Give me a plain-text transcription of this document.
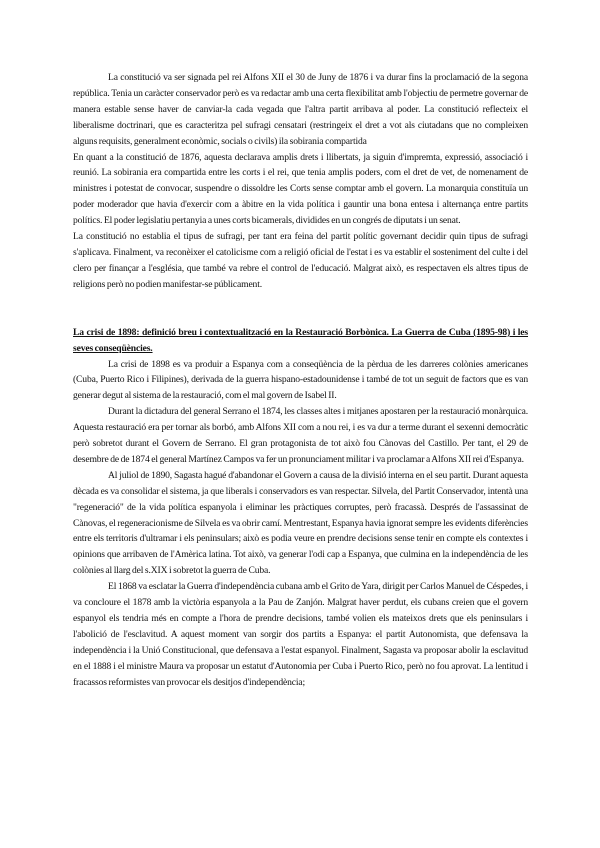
La constitució va ser signada pel rei Alfons XII el 30 de Juny de 1876 i va durar fins la proclamació de la segona república. Tenia un caràcter conservador però es va redactar amb una certa flexibilitat amb l'objectiu de permetre governar de manera estable sense haver de canviar-la cada vegada que l'altra partit arribava al poder. La constitució reflecteix el liberalisme doctrinari, que es caracteritza pel sufragi censatari (restringeix el dret a vot als ciutadans que no compleixen alguns requisits, generalment econòmic, socials o civils) ila sobirania compartida

En quant a la constitució de 1876, aquesta declarava amplis drets i llibertats, ja siguin d'impremta, expressió, associació i reunió. La sobirania era compartida entre les corts i el rei, que tenia amplis poders, com el dret de vet, de nomenament de ministres i potestat de convocar, suspendre o dissoldre les Corts sense comptar amb el govern. La monarquia constituïa un poder moderador que havia d'exercir com a àbitre en la vida política i gauntir una bona entesa i alternança entre partits polítics. El poder legislatiu pertanyia a unes corts bicamerals, dividides en un congrés de diputats i un senat.

La constitució no establia el tipus de sufragi, per tant era feina del partit polític governant decidir quin tipus de sufragi s'aplicava. Finalment, va reconèixer el catolicisme com a religió oficial de l'estat i es va establir el sosteniment del culte i del clero per finançar a l'església, que també va rebre el control de l'educació. Malgrat això, es respectaven els altres tipus de religions però no podien manifestar-se públicament.

La crisi de 1898: definició breu i contextualització en la Restauració Borbònica. La Guerra de Cuba (1895-98) i les seves conseqüències.

La crisi de 1898 es va produir a Espanya com a conseqüència de la pèrdua de les darreres colònies americanes (Cuba, Puerto Rico i Filipines), derivada de la guerra hispano-estadounidense i també de tot un seguit de factors que es van generar degut al sistema de la restauració, com el mal govern de Isabel II.

Durant la dictadura del general Serrano el 1874, les classes altes i mitjanes apostaren per la restauració monàrquica. Aquesta restauració era per tornar als borbó, amb Alfons XII com a nou rei, i es va dur a terme durant el sexenni democràtic però sobretot durant el Govern de Serrano. El gran protagonista de tot això fou Cànovas del Castillo. Per tant, el 29 de desembre de de 1874 el general Martínez Campos va fer un pronunciament militar i va proclamar a Alfons XII rei d'Espanya.

Al juliol de 1890, Sagasta hagué d'abandonar el Govern a causa de la divisió interna en el seu partit. Durant aquesta dècada es va consolidar el sistema, ja que liberals i conservadors es van respectar. Silvela, del Partit Conservador, intentà una "regeneració" de la vida política espanyola i eliminar les pràctiques corruptes, però fracassà. Després de l'assassinat de Cànovas, el regeneracionisme de Silvela es va obrir camí. Mentrestant, Espanya havia ignorat sempre les evidents diferències entre els territoris d'ultramar i els peninsulars; això es podia veure en prendre decisions sense tenir en compte els contextes i opinions que arribaven de l'Amèrica latina. Tot això, va generar l'odi cap a Espanya, que culmina en la independència de les colònies al llarg del s.XIX i sobretot la guerra de Cuba.

El 1868 va esclatar la Guerra d'independència cubana amb el Grito de Yara, dirigit per Carlos Manuel de Céspedes, i va concloure el 1878 amb la victòria espanyola a la Pau de Zanjón. Malgrat haver perdut, els cubans creien que el govern espanyol els tendria més en compte a l'hora de prendre decisions, també volien els mateixos drets que els peninsulars i l'abolició de l'esclavitud. A aquest moment van sorgir dos partits a Espanya: el partit Autonomista, que defensava la independència i la Unió Constitucional, que defensava a l'estat espanyol. Finalment, Sagasta va proposar abolir la esclavitud en el 1888 i el ministre Maura va proposar un estatut d'Autonomia per Cuba i Puerto Rico, però no fou aprovat. La lentitud i fracassos reformistes van provocar els desitjos d'independència;
